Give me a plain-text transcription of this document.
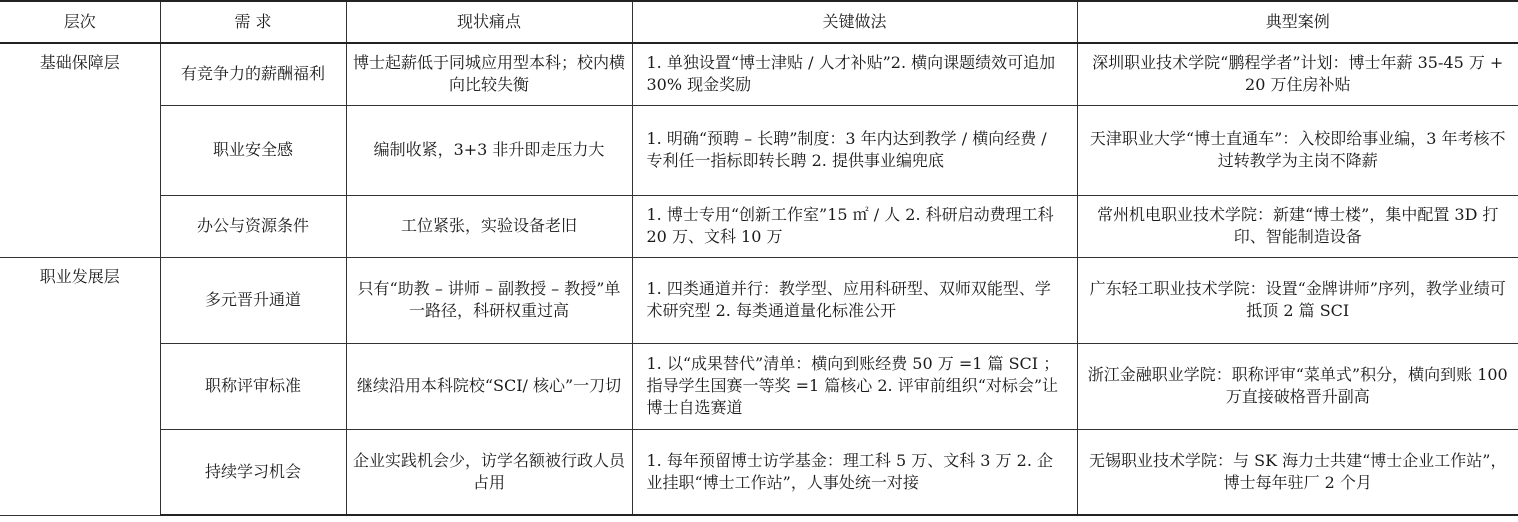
层次	需 求	现状痛点	关键做法	典型案例
基础保障层	有竞争力的薪酬福利	博士起薪低于同城应用型本科；校内横向比较失衡	1. 单独设置“博士津贴 / 人才补贴”2. 横向课题绩效可追加 30% 现金奖励	深圳职业技术学院“鹏程学者”计划：博士年薪 35-45 万 +20 万住房补贴
	职业安全感	编制收紧，3+3 非升即走压力大	1. 明确“预聘 – 长聘”制度：3 年内达到教学 / 横向经费 / 专利任一指标即转长聘 2. 提供事业编兜底	天津职业大学“博士直通车”：入校即给事业编，3 年考核不过转教学为主岗不降薪
	办公与资源条件	工位紧张，实验设备老旧	1. 博士专用“创新工作室”15 ㎡ / 人 2. 科研启动费理工科 20 万、文科 10 万	常州机电职业技术学院：新建“博士楼”，集中配置 3D 打印、智能制造设备
职业发展层	多元晋升通道	只有“助教 – 讲师 – 副教授 – 教授”单一路径，科研权重过高	1. 四类通道并行：教学型、应用科研型、双师双能型、学术研究型 2. 每类通道量化标准公开	广东轻工职业技术学院：设置“金牌讲师”序列，教学业绩可抵顶 2 篇 SCI
	职称评审标准	继续沿用本科院校“SCI/ 核心”一刀切	1. 以“成果替代”清单：横向到账经费 50 万 =1 篇 SCI ；指导学生国赛一等奖 =1 篇核心 2. 评审前组织“对标会”让博士自选赛道	浙江金融职业学院：职称评审“菜单式”积分，横向到账 100 万直接破格晋升副高
	持续学习机会	企业实践机会少，访学名额被行政人员占用	1. 每年预留博士访学基金：理工科 5 万、文科 3 万 2. 企业挂职“博士工作站”，人事处统一对接	无锡职业技术学院：与 SK 海力士共建“博士企业工作站”，博士每年驻厂 2 个月
